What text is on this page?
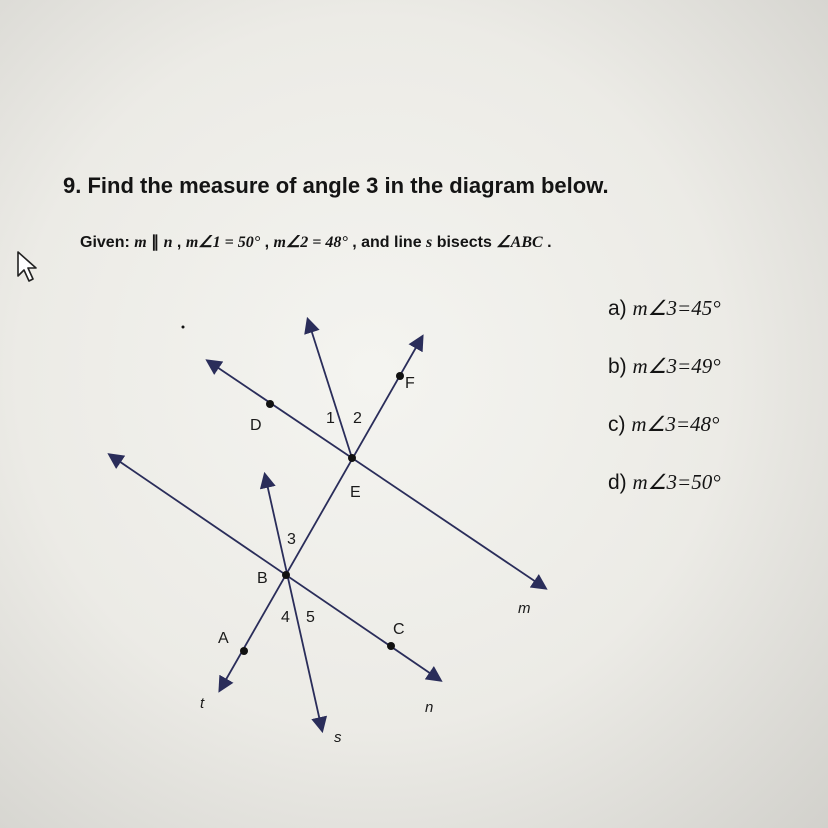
9. Find the measure of angle 3 in the diagram below.
Given: m ∥ n , m∠1 = 50° , m∠2 = 48° , and line s bisects ∠ABC .
a) m∠3=45°
b) m∠3=49°
c) m∠3=48°
d) m∠3=50°
D
E
F
B
A
C
1 2
3
4 5
m
n
t
s
